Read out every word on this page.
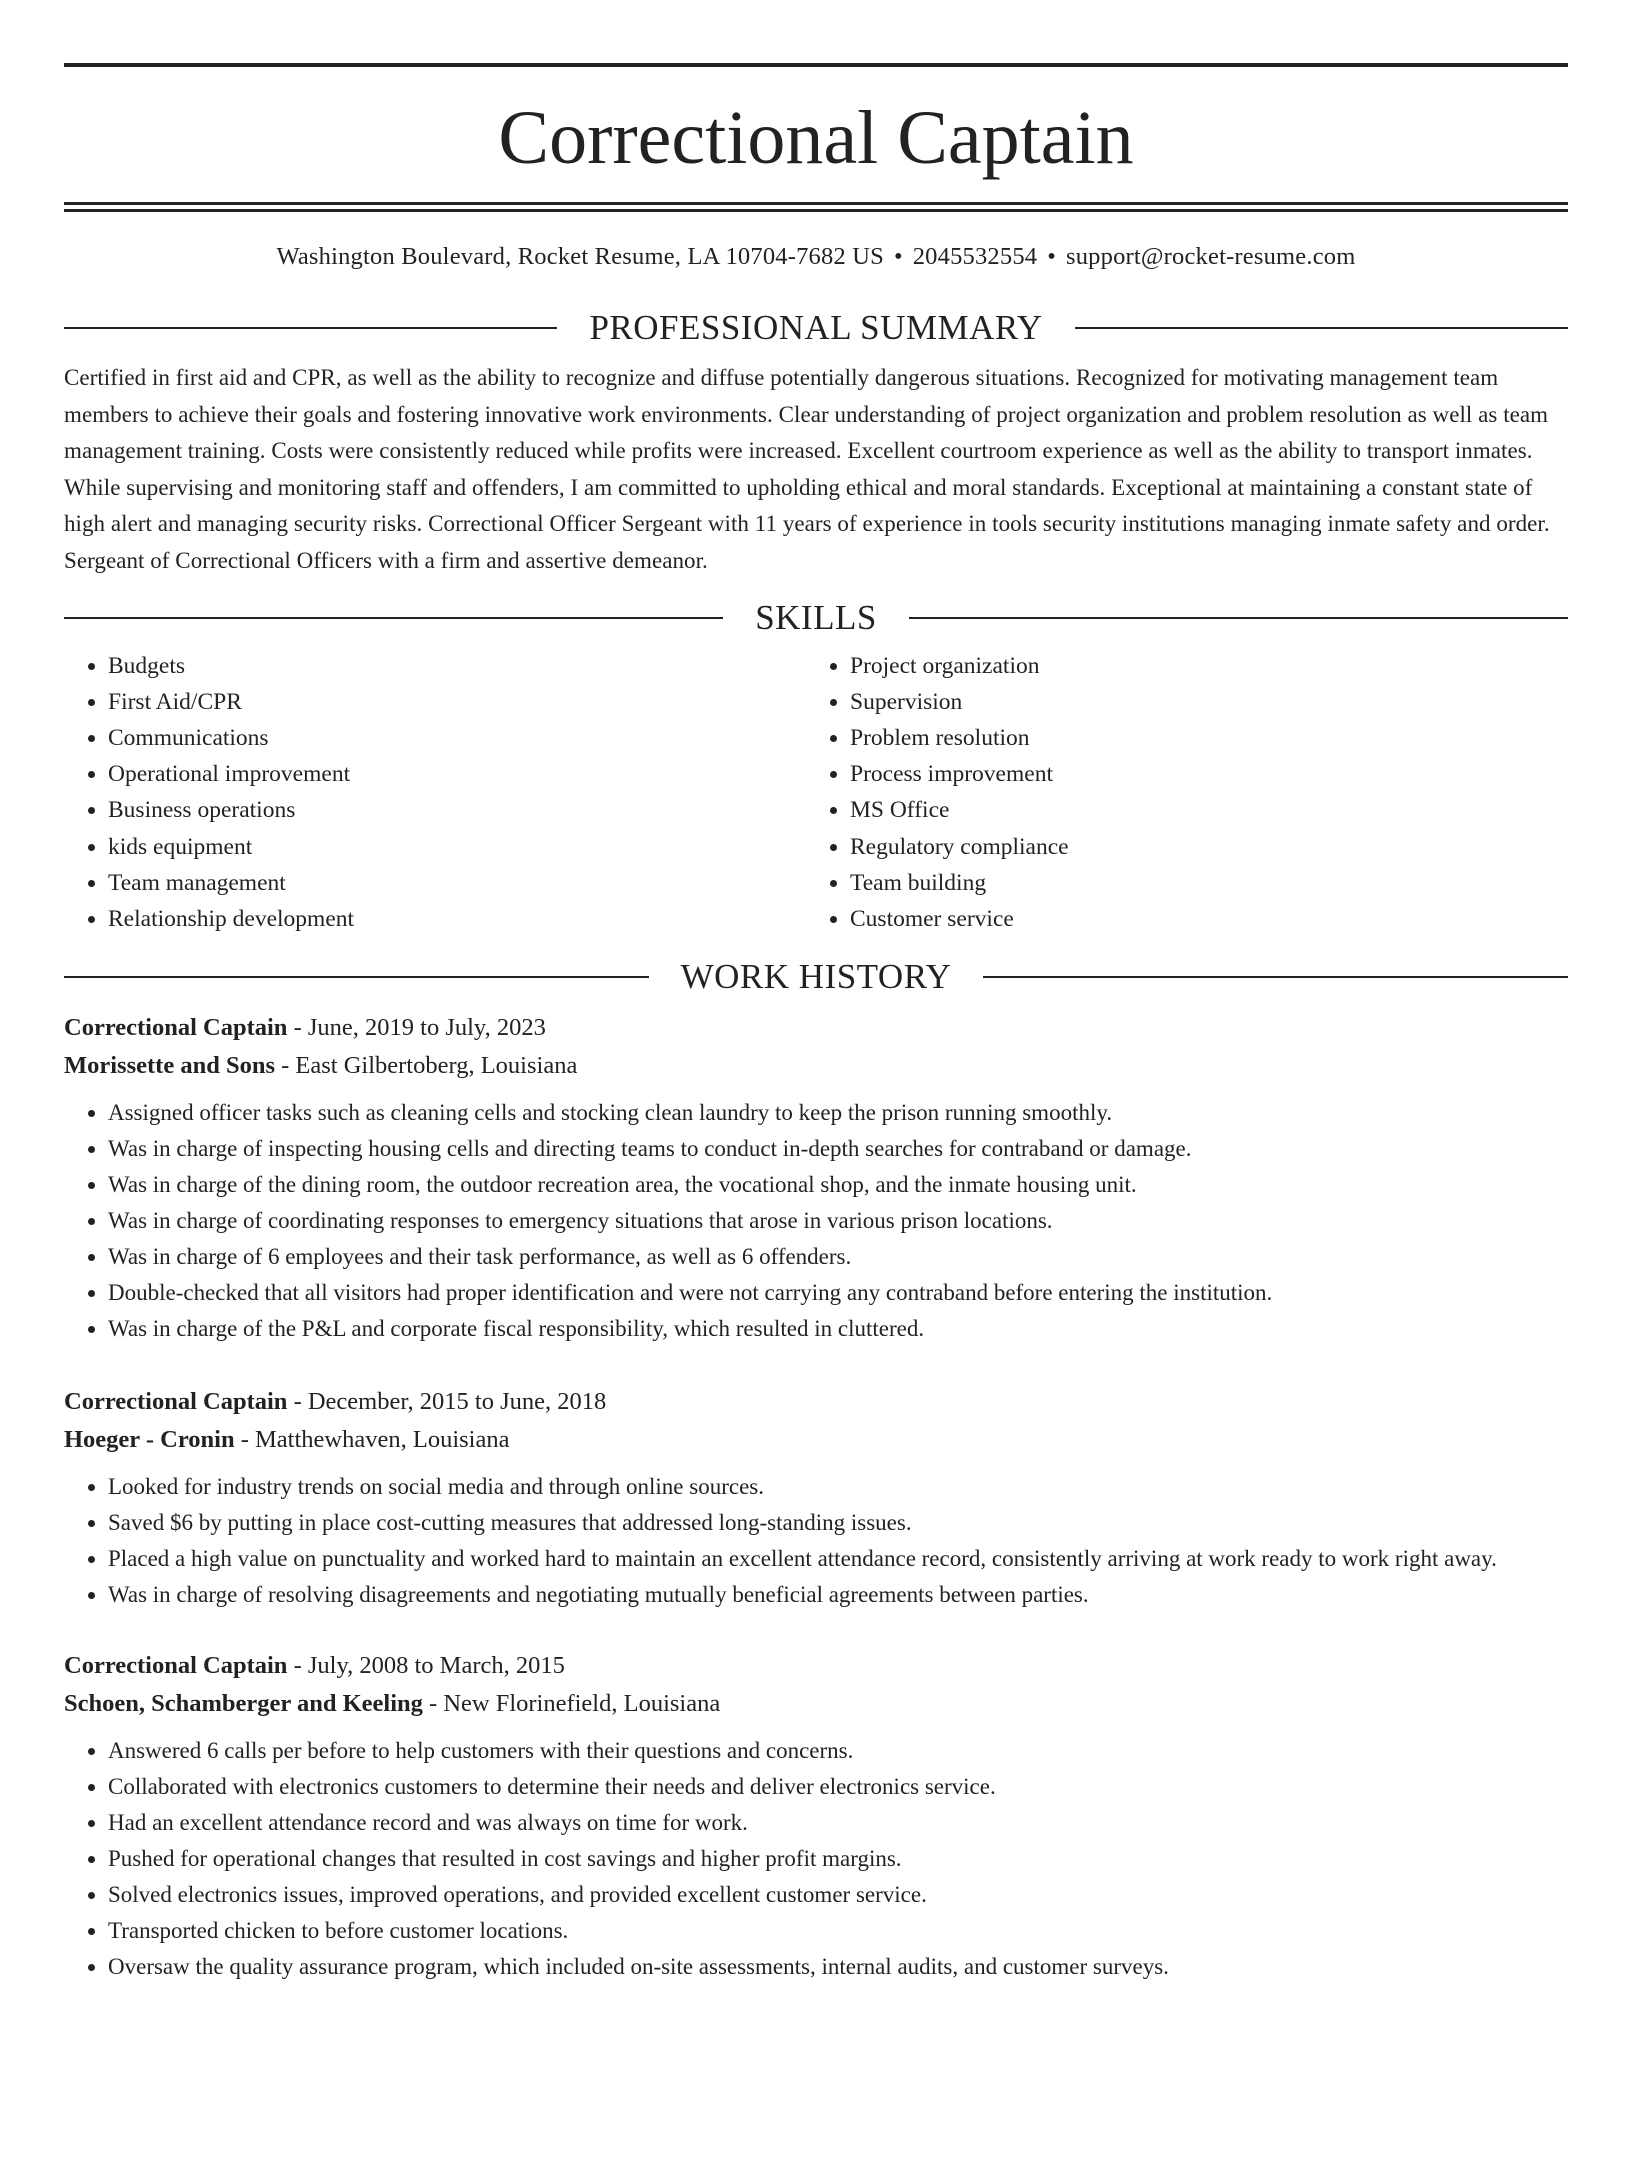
Correctional Captain
Washington Boulevard, Rocket Resume, LA 10704-7682 US • 2045532554 • support@rocket-resume.com
PROFESSIONAL SUMMARY

Certified in first aid and CPR, as well as the ability to recognize and diffuse potentially dangerous situations. Recognized for motivating management team members to achieve their goals and fostering innovative work environments. Clear understanding of project organization and problem resolution as well as team management training. Costs were consistently reduced while profits were increased. Excellent courtroom experience as well as the ability to transport inmates. While supervising and monitoring staff and offenders, I am committed to upholding ethical and moral standards. Exceptional at maintaining a constant state of high alert and managing security risks. Correctional Officer Sergeant with 11 years of experience in tools security institutions managing inmate safety and order. Sergeant of Correctional Officers with a firm and assertive demeanor.

SKILLS
• Budgets
• First Aid/CPR
• Communications
• Operational improvement
• Business operations
• kids equipment
• Team management
• Relationship development
• Project organization
• Supervision
• Problem resolution
• Process improvement
• MS Office
• Regulatory compliance
• Team building
• Customer service
WORK HISTORY
Correctional Captain - June, 2019 to July, 2023
Morissette and Sons - East Gilbertoberg, Louisiana
• Assigned officer tasks such as cleaning cells and stocking clean laundry to keep the prison running smoothly.
• Was in charge of inspecting housing cells and directing teams to conduct in-depth searches for contraband or damage.
• Was in charge of the dining room, the outdoor recreation area, the vocational shop, and the inmate housing unit.
• Was in charge of coordinating responses to emergency situations that arose in various prison locations.
• Was in charge of 6 employees and their task performance, as well as 6 offenders.
• Double-checked that all visitors had proper identification and were not carrying any contraband before entering the institution.
• Was in charge of the P&L and corporate fiscal responsibility, which resulted in cluttered.
Correctional Captain - December, 2015 to June, 2018
Hoeger - Cronin - Matthewhaven, Louisiana
• Looked for industry trends on social media and through online sources.
• Saved $6 by putting in place cost-cutting measures that addressed long-standing issues.
• Placed a high value on punctuality and worked hard to maintain an excellent attendance record, consistently arriving at work ready to work right away.
• Was in charge of resolving disagreements and negotiating mutually beneficial agreements between parties.
Correctional Captain - July, 2008 to March, 2015
Schoen, Schamberger and Keeling - New Florinefield, Louisiana
• Answered 6 calls per before to help customers with their questions and concerns.
• Collaborated with electronics customers to determine their needs and deliver electronics service.
• Had an excellent attendance record and was always on time for work.
• Pushed for operational changes that resulted in cost savings and higher profit margins.
• Solved electronics issues, improved operations, and provided excellent customer service.
• Transported chicken to before customer locations.
• Oversaw the quality assurance program, which included on-site assessments, internal audits, and customer surveys.
